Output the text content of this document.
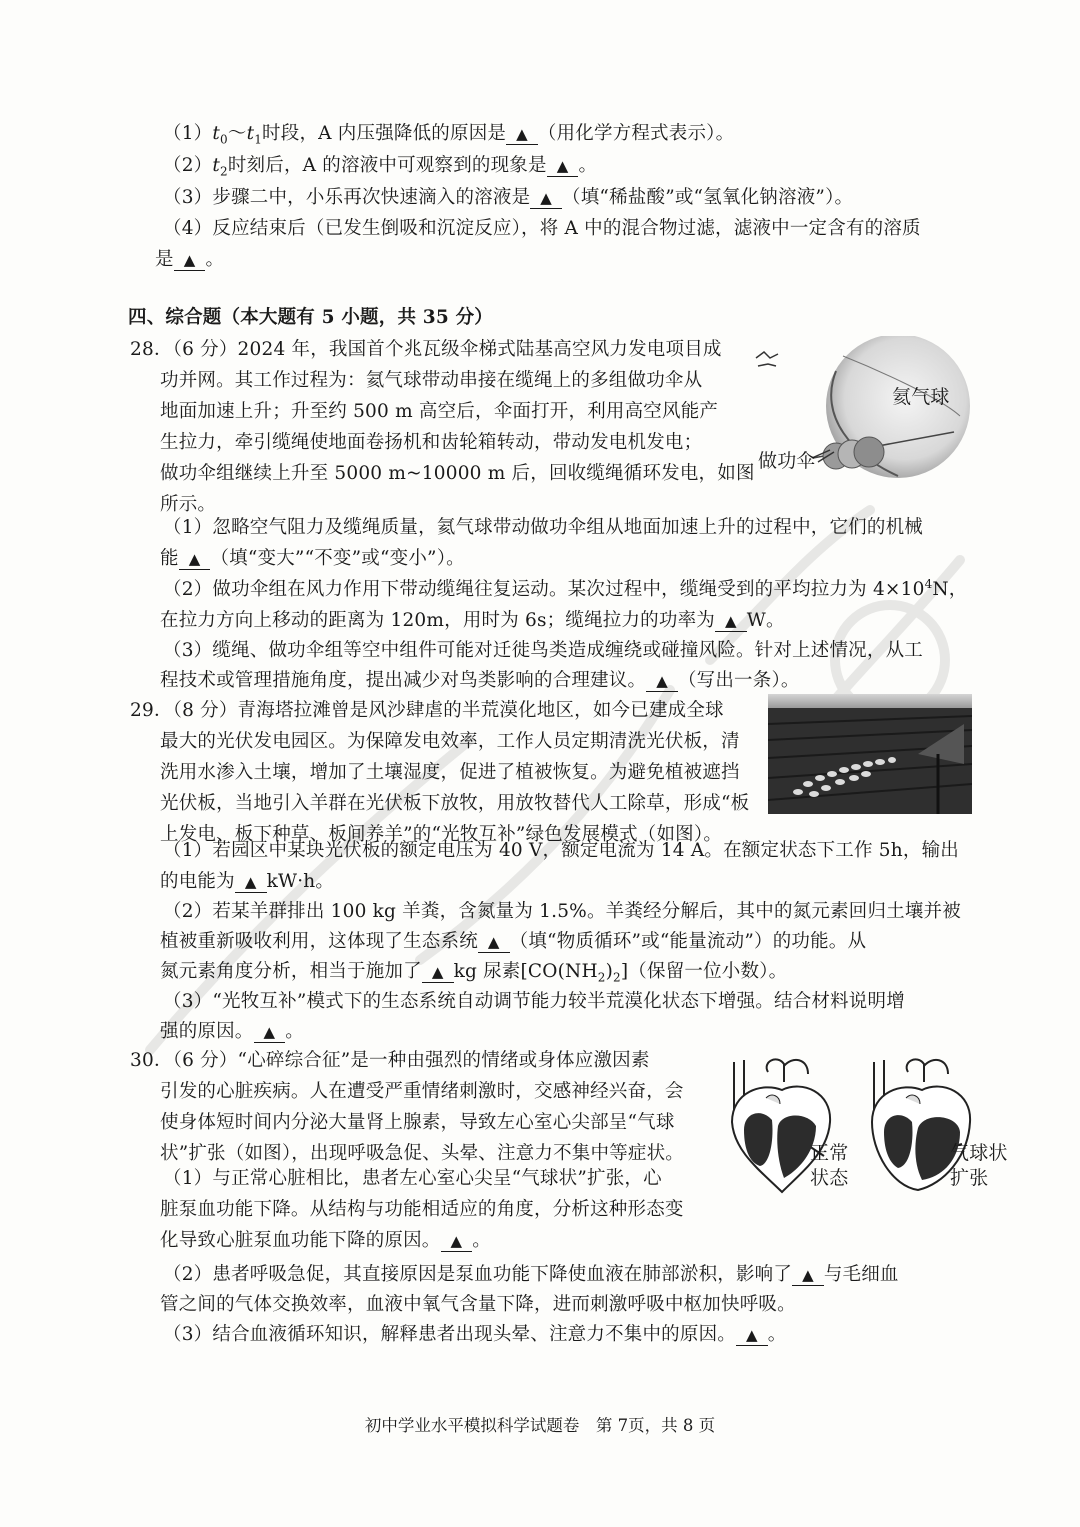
$(1)t_0\sim t_1$时段，A 内压强降低的原因是 ▲ （用化学方程式表示）。
$(2)t_2$时刻后，A 的溶液中可观察到的现象是 ▲ 。
（3）步骤二中，小乐再次快速滴入的溶液是 ▲ （填“稀盐酸”或“氢氧化钠溶液”）。
（4）反应结束后（已发生倒吸和沉淀反应），将 A 中的混合物过滤，滤液中一定含有的溶质
是 ▲ 。
四、综合题（本大题有 5 小题，共 35 分）
28．（6 分）2024 年，我国首个兆瓦级伞梯式陆基高空风力发电项目成
功并网。其工作过程为：氦气球带动串接在缆绳上的多组做功伞从
地面加速上升；升至约 500 m 高空后，伞面打开，利用高空风能产
生拉力，牵引缆绳使地面卷扬机和齿轮箱转动，带动发电机发电；
做功伞组继续上升至 5000 m~10000 m 后，回收缆绳循环发电，如图
所示。
氦气球
做功伞
（1）忽略空气阻力及缆绳质量，氦气球带动做功伞组从地面加速上升的过程中，它们的机械
能 ▲ （填“变大”“不变”或“变小”）。
（2）做功伞组在风力作用下带动缆绳往复运动。某次过程中，缆绳受到的平均拉力为 $4\times 10^4N$，
在拉力方向上移动的距离为 120m，用时为 6s；缆绳拉力的功率为 ▲ W。
（3）缆绳、做功伞组等空中组件可能对迁徙鸟类造成缠绕或碰撞风险。针对上述情况，从工
程技术或管理措施角度，提出减少对鸟类影响的合理建议。 ▲ （写出一条）。
29．（8 分）青海塔拉滩曾是风沙肆虐的半荒漠化地区，如今已建成全球
最大的光伏发电园区。为保障发电效率，工作人员定期清洗光伏板，清
洗用水渗入土壤，增加了土壤湿度，促进了植被恢复。为避免植被遮挡
光伏板，当地引入羊群在光伏板下放牧，用放牧替代人工除草，形成“板
上发电、板下种草、板间养羊”的“光牧互补”绿色发展模式（如图）。
（1）若园区中某块光伏板的额定电压为 40 V，额定电流为 14 A。在额定状态下工作 5h，输出
的电能为 ▲ kW·h。
（2）若某羊群排出 100 kg 羊粪，含氮量为 1.5%。羊粪经分解后，其中的氮元素回归土壤并被
植被重新吸收利用，这体现了生态系统 ▲ （填“物质循环”或“能量流动”）的功能。从
氮元素角度分析，相当于施加了 ▲ kg 尿素$[CO(NH_2)_2]$（保留一位小数）。
（3）“光牧互补”模式下的生态系统自动调节能力较半荒漠化状态下增强。结合材料说明增
强的原因。 ▲ 。
30．（6 分）“心碎综合征”是一种由强烈的情绪或身体应激因素
引发的心脏疾病。人在遭受严重情绪刺激时，交感神经兴奋，会
使身体短时间内分泌大量肾上腺素，导致左心室心尖部呈“气球
状”扩张（如图），出现呼吸急促、头晕、注意力不集中等症状。	正常
状态
气球状
扩张
（1）与正常心脏相比，患者左心室心尖呈“气球状”扩张，心
脏泵血功能下降。从结构与功能相适应的角度，分析这种形态变
化导致心脏泵血功能下降的原因。 ▲ 。
（2）患者呼吸急促，其直接原因是泵血功能下降使血液在肺部淤积，影响了 ▲ 与毛细血
管之间的气体交换效率，血液中氧气含量下降，进而刺激呼吸中枢加快呼吸。
（3）结合血液循环知识，解释患者出现头晕、注意力不集中的原因。 ▲ 。
初中学业水平模拟科学试题卷　第 7页，共 8 页
